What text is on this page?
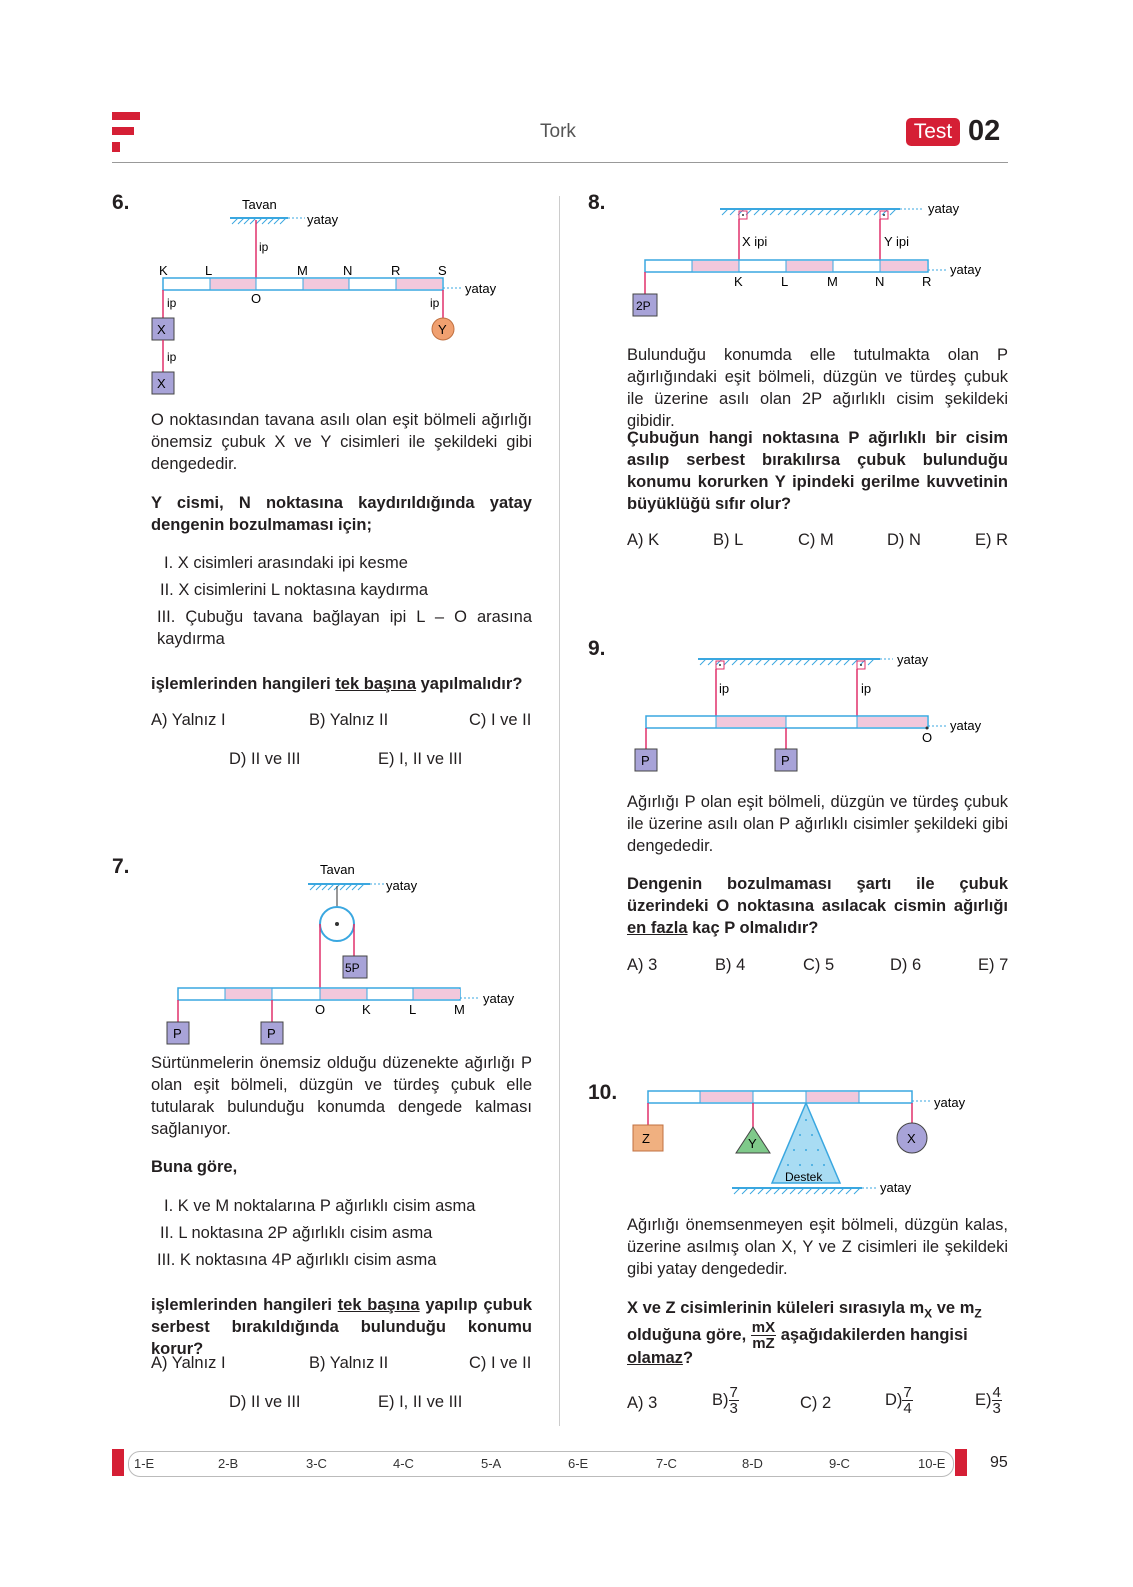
Tork	Test 02
6.	Tavan
yatay
ip
K	L	M	N	R	S
yatay
O
ip
X
ip
X
ip
Y
O noktasından tavana asılı olan eşit bölmeli ağırlığı önemsiz çubuk X ve Y cisimleri ile şekildeki gibi dengededir.
Y cismi, N noktasına kaydırıldığında yatay dengenin bozulmaması için;
I. X cisimleri arasındaki ipi kesme
II. X cisimlerini L noktasına kaydırma
III. Çubuğu tavana bağlayan ipi L – O arasına kaydırma
işlemlerinden hangileri tek başına yapılmalıdır?
A) Yalnız I	B) Yalnız II	C) I ve II
D) II ve III	E) I, II ve III
7.	Tavan
yatay
5P
yatay
O	K	L	M
P	P
Sürtünmelerin önemsiz olduğu düzenekte ağırlığı P olan eşit bölmeli, düzgün ve türdeş çubuk elle tutularak bulunduğu konumda dengede kalması sağlanıyor.
Buna göre,
I. K ve M noktalarına P ağırlıklı cisim asma
II. L noktasına 2P ağırlıklı cisim asma
III. K noktasına 4P ağırlıklı cisim asma
işlemlerinden hangileri tek başına yapılıp çubuk serbest bırakıldığında bulunduğu konumu korur?
A) Yalnız I	B) Yalnız II	C) I ve II
D) II ve III	E) I, II ve III
8.	yatay
X ipi	Y ipi
yatay
K	L	M	N	R
2P
Bulunduğu konumda elle tutulmakta olan P ağırlığındaki eşit bölmeli, düzgün ve türdeş çubuk ile üzerine asılı olan 2P ağırlıklı cisim şekildeki gibidir.
Çubuğun hangi noktasına P ağırlıklı bir cisim asılıp serbest bırakılırsa çubuk bulunduğu konumu korurken Y ipindeki gerilme kuvvetinin büyüklüğü sıfır olur?
A) K	B) L	C) M	D) N	E) R
9.	yatay
ip	ip
yatay
O
P	P
Ağırlığı P olan eşit bölmeli, düzgün ve türdeş çubuk ile üzerine asılı olan P ağırlıklı cisimler şekildeki gibi dengededir.
Dengenin bozulmaması şartı ile çubuk üzerindeki O noktasına asılacak cismin ağırlığı en fazla kaç P olmalıdır?
A) 3	B) 4	C) 5	D) 6	E) 7
10.	yatay
Z	Y
Destek
X
yatay
Ağırlığı önemsenmeyen eşit bölmeli, düzgün kalas, üzerine asılmış olan X, Y ve Z cisimleri ile şekildeki gibi yatay dengededir.
X ve Z cisimlerinin küleleri sırasıyla $m_X$ ve $m_Z$
olduğuna göre, $\frac{mX}{mZ}$ aşağıdakilerden hangisi
olamaz?
A) 3	$B) \frac{7}{3}$	C) 2	$D) \frac{7}{4}$	$E) \frac{4}{3}$
1-E	2-B	3-C	4-C	5-A	6-E	7-C	8-D	9-C	10-E	95
